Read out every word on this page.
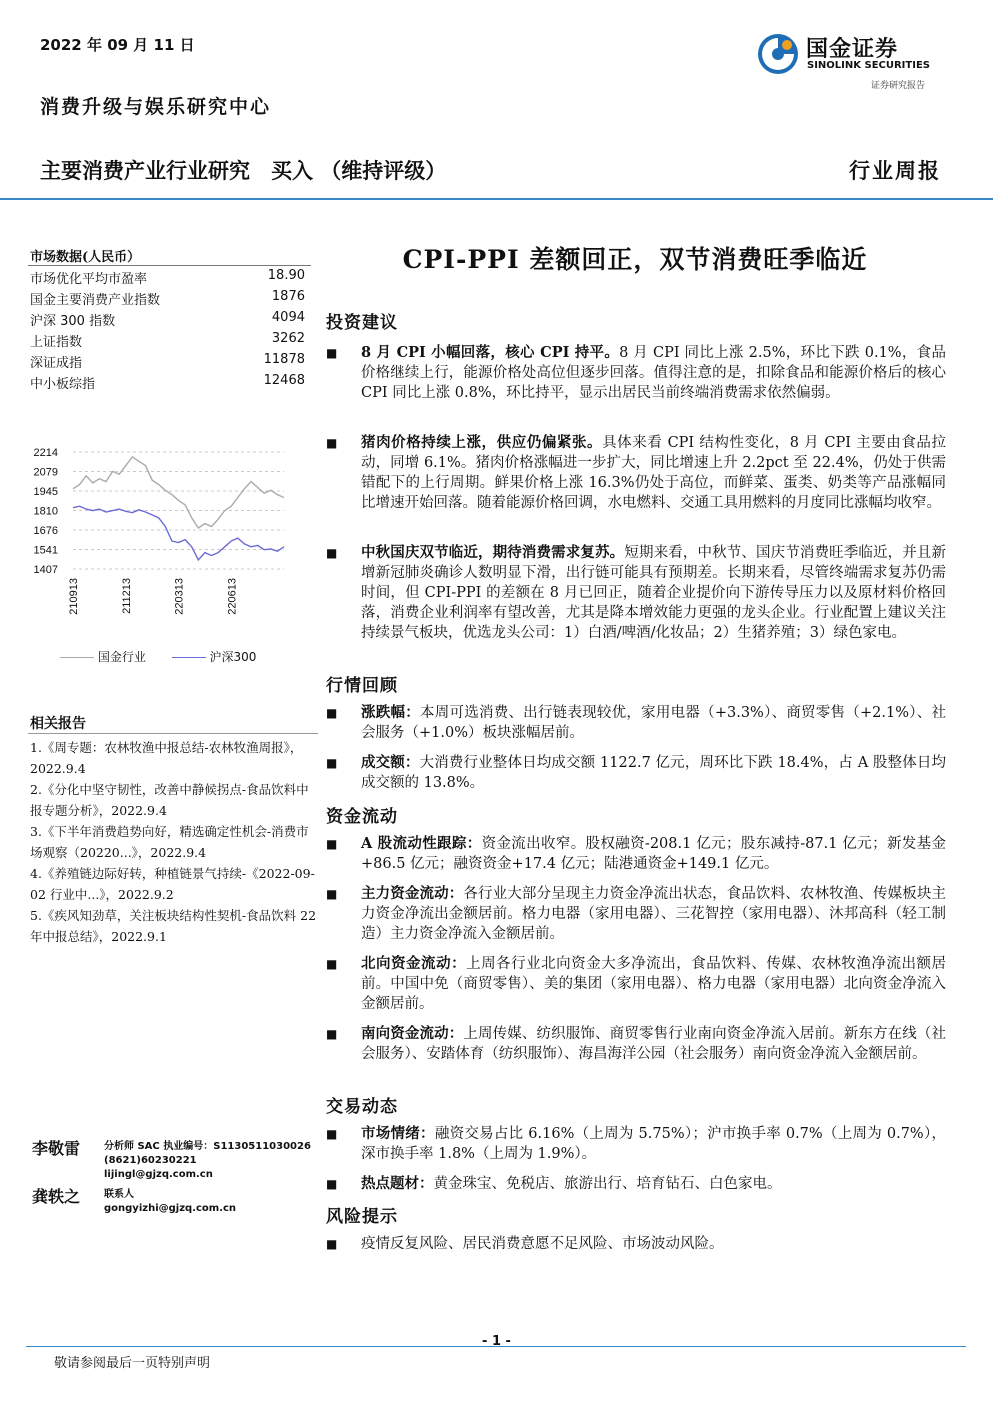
2022 年 09 月 11 日	国金证券
SINOLINK SECURITIES
证券研究报告
消费升级与娱乐研究中心
主要消费产业行业研究　买入 （维持评级）	行业周报
市场数据(人民币）
市场优化平均市盈率	18.90
国金主要消费产业指数	1876
沪深 300 指数	4094
上证指数	3262
深证成指	11878
中小板综指	12468
2214
2079
1945
1810
1676
1541
1407
210913	211213	220313	220613
国金行业	沪深300
相关报告
1.《周专题：农林牧渔中报总结-农林牧渔周报》，2022.9.4
2.《分化中坚守韧性，改善中静候拐点-食品饮料中报专题分析》，2022.9.4
3.《下半年消费趋势向好，精选确定性机会-消费市场观察（20220...》，2022.9.4
4.《养殖链边际好转，种植链景气持续-《2022-09-02 行业中...》，2022.9.2
5.《疾风知劲草，关注板块结构性契机-食品饮料 22 年中报总结》，2022.9.1
李敬雷 分析师 SAC 执业编号：S1130511030026
(8621)60230221
lijingl@gjzq.com.cn
龚轶之 联系人
gongyizhi@gjzq.com.cn
CPI-PPI 差额回正，双节消费旺季临近
投资建议
■ 8 月 CPI 小幅回落，核心 CPI 持平。8 月 CPI 同比上涨 2.5%，环比下跌 0.1%，食品价格继续上行，能源价格处高位但逐步回落。值得注意的是，扣除食品和能源价格后的核心 CPI 同比上涨 0.8%，环比持平，显示出居民当前终端消费需求依然偏弱。
■ 猪肉价格持续上涨，供应仍偏紧张。具体来看 CPI 结构性变化，8 月 CPI 主要由食品拉动，同增 6.1%。猪肉价格涨幅进一步扩大，同比增速上升 2.2pct 至 22.4%，仍处于供需错配下的上行周期。鲜果价格上涨 16.3%仍处于高位，而鲜菜、蛋类、奶类等产品涨幅同比增速开始回落。随着能源价格回调，水电燃料、交通工具用燃料的月度同比涨幅均收窄。
■ 中秋国庆双节临近，期待消费需求复苏。短期来看，中秋节、国庆节消费旺季临近，并且新增新冠肺炎确诊人数明显下滑，出行链可能具有预期差。长期来看，尽管终端需求复苏仍需时间，但 CPI-PPI 的差额在 8 月已回正，随着企业提价向下游传导压力以及原材料价格回落，消费企业利润率有望改善，尤其是降本增效能力更强的龙头企业。行业配置上建议关注持续景气板块，优选龙头公司：1）白酒/啤酒/化妆品；2）生猪养殖；3）绿色家电。
行情回顾
■ 涨跌幅：本周可选消费、出行链表现较优，家用电器（+3.3%）、商贸零售（+2.1%）、社会服务（+1.0%）板块涨幅居前。
■ 成交额：大消费行业整体日均成交额 1122.7 亿元，周环比下跌 18.4%，占 A 股整体日均成交额的 13.8%。
资金流动
■ A 股流动性跟踪：资金流出收窄。股权融资-208.1 亿元；股东减持-87.1 亿元；新发基金+86.5 亿元；融资资金+17.4 亿元；陆港通资金+149.1 亿元。
■ 主力资金流动：各行业大部分呈现主力资金净流出状态，食品饮料、农林牧渔、传媒板块主力资金净流出金额居前。格力电器（家用电器）、三花智控（家用电器）、沐邦高科（轻工制造）主力资金净流入金额居前。
■ 北向资金流动：上周各行业北向资金大多净流出，食品饮料、传媒、农林牧渔净流出额居前。中国中免（商贸零售）、美的集团（家用电器）、格力电器（家用电器）北向资金净流入金额居前。
■ 南向资金流动：上周传媒、纺织服饰、商贸零售行业南向资金净流入居前。新东方在线（社会服务）、安踏体育（纺织服饰）、海昌海洋公园（社会服务）南向资金净流入金额居前。
交易动态
■ 市场情绪：融资交易占比 6.16%（上周为 5.75%）；沪市换手率 0.7%（上周为 0.7%），深市换手率 1.8%（上周为 1.9%）。
■ 热点题材：黄金珠宝、免税店、旅游出行、培育钻石、白色家电。
风险提示
■ 疫情反复风险、居民消费意愿不足风险、市场波动风险。
- 1 -
敬请参阅最后一页特别声明
